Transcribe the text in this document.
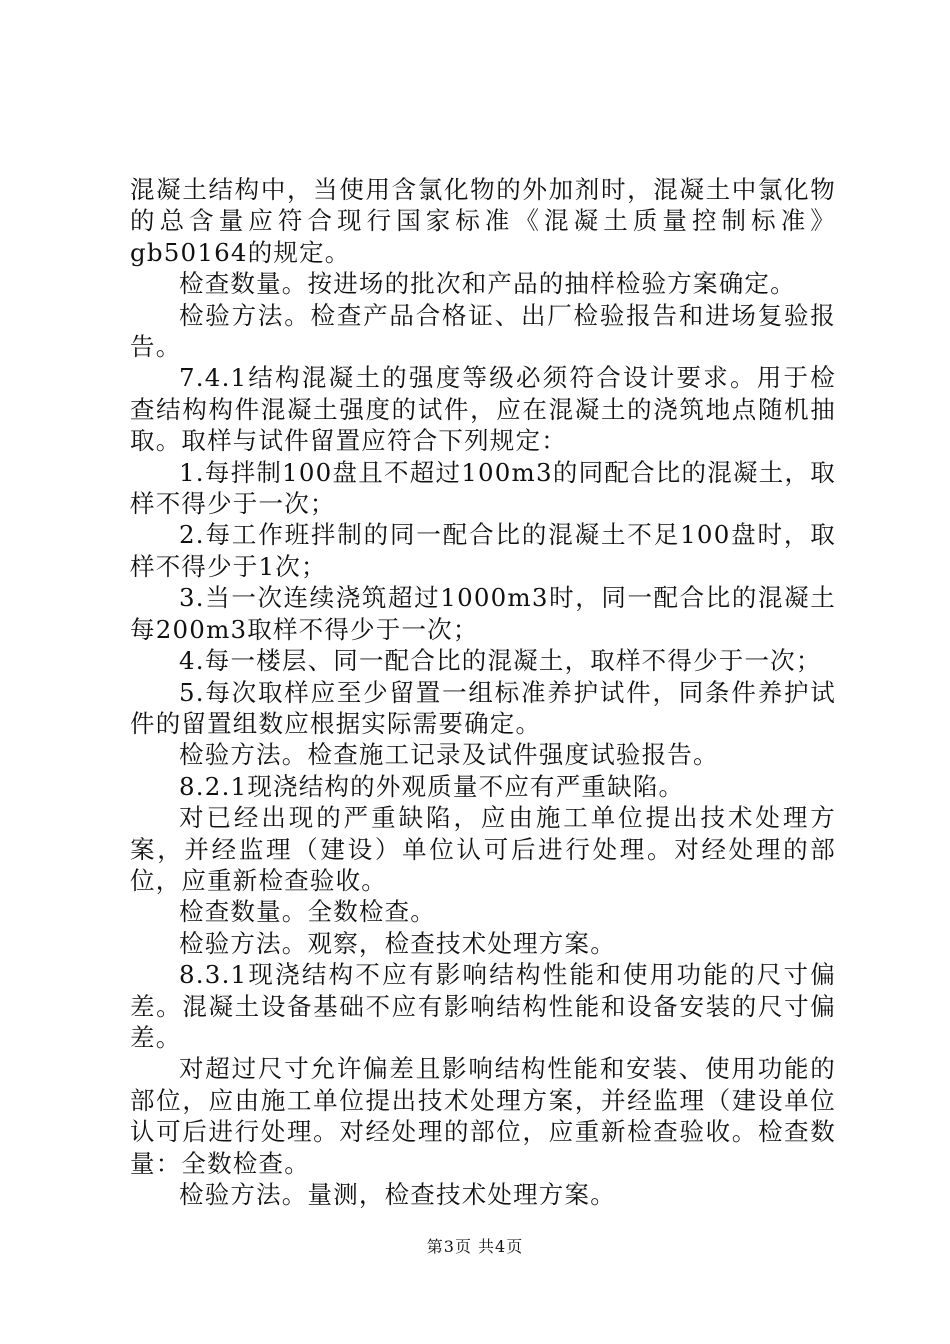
混凝土结构中，当使用含氯化物的外加剂时，混凝土中氯化物的总含量应符合现行国家标准《混凝土质量控制标准》gb50164的规定。

检查数量。按进场的批次和产品的抽样检验方案确定。

检验方法。检查产品合格证、出厂检验报告和进场复验报告。

7.4.1结构混凝土的强度等级必须符合设计要求。用于检查结构构件混凝土强度的试件，应在混凝土的浇筑地点随机抽取。取样与试件留置应符合下列规定：

1.每拌制100盘且不超过100m3的同配合比的混凝土，取样不得少于一次；

2.每工作班拌制的同一配合比的混凝土不足100盘时，取样不得少于1次；

3.当一次连续浇筑超过1000m3时，同一配合比的混凝土每200m3取样不得少于一次；

4.每一楼层、同一配合比的混凝土，取样不得少于一次；

5.每次取样应至少留置一组标准养护试件，同条件养护试件的留置组数应根据实际需要确定。

检验方法。检查施工记录及试件强度试验报告。

8.2.1现浇结构的外观质量不应有严重缺陷。

对已经出现的严重缺陷，应由施工单位提出技术处理方案，并经监理（建设）单位认可后进行处理。对经处理的部位，应重新检查验收。

检查数量。全数检查。

检验方法。观察，检查技术处理方案。

8.3.1现浇结构不应有影响结构性能和使用功能的尺寸偏差。混凝土设备基础不应有影响结构性能和设备安装的尺寸偏差。

对超过尺寸允许偏差且影响结构性能和安装、使用功能的部位，应由施工单位提出技术处理方案，并经监理（建设单位认可后进行处理。对经处理的部位，应重新检查验收。检查数量：全数检查。

检验方法。量测，检查技术处理方案。

第3页 共4页
